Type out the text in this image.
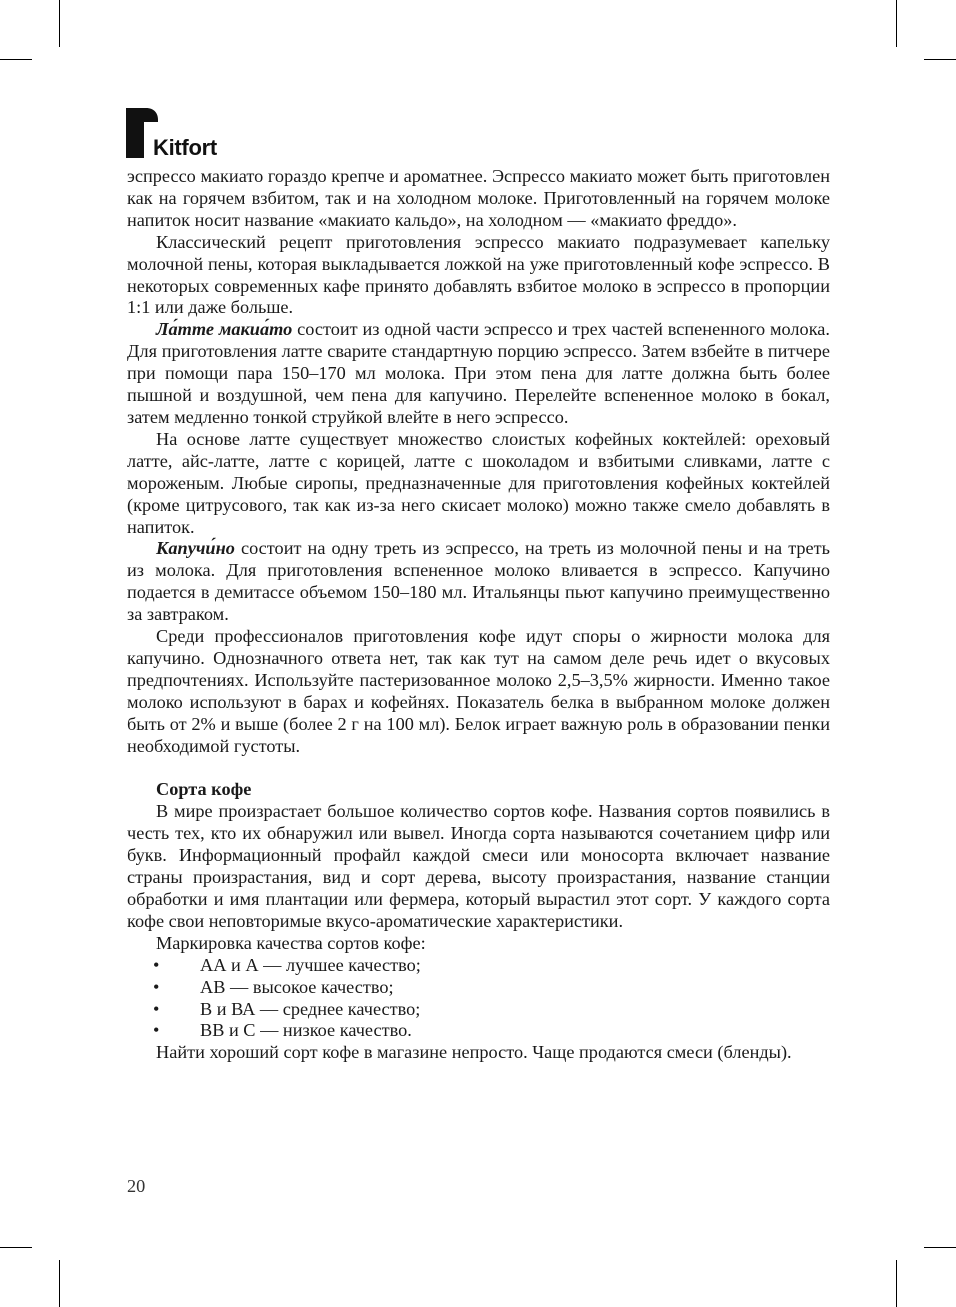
Kitfort

эспрессо макиато гораздо крепче и ароматнее. Эспрессо макиато может быть приготовлен как на горячем взбитом, так и на холодном молоке. Приготовленный на горячем молоке напиток носит название «макиато кальдо», на холодном — «макиато фреддо».

Классический рецепт приготовления эспрессо макиато подразумевает капельку молочной пены, которая выкладывается ложкой на уже приготовленный кофе эспрессо. В некоторых современных кафе принято добавлять взбитое молоко в эспрессо в пропорции 1:1 или даже больше.

Ла́тте макиа́то состоит из одной части эспрессо и трех частей вспененного молока. Для приготовления латте сварите стандартную порцию эспрессо. Затем взбейте в питчере при помощи пара 150–170 мл молока. При этом пена для латте должна быть более пышной и воздушной, чем пена для капучино. Перелейте вспененное молоко в бокал, затем медленно тонкой струйкой влейте в него эспрессо.

На основе латте существует множество слоистых кофейных коктейлей: ореховый латте, айс-латте, латте с корицей, латте с шоколадом и взбитыми сливками, латте с мороженым. Любые сиропы, предназначенные для приготовления кофейных коктейлей (кроме цитрусового, так как из-за него скисает молоко) можно также смело добавлять в напиток.

Капучи́но состоит на одну треть из эспрессо, на треть из молочной пены и на треть из молока. Для приготовления вспененное молоко вливается в эспрессо. Капучино подается в демитассе объемом 150–180 мл. Итальянцы пьют капучино преимущественно за завтраком.

Среди профессионалов приготовления кофе идут споры о жирности молока для капучино. Однозначного ответа нет, так как тут на самом деле речь идет о вкусовых предпочтениях. Используйте пастеризованное молоко 2,5–3,5% жирности. Именно такое молоко используют в барах и кофейнях. Показатель белка в выбранном молоке должен быть от 2% и выше (более 2 г на 100 мл). Белок играет важную роль в образовании пенки необходимой густоты.

Сорта кофе

В мире произрастает большое количество сортов кофе. Названия сортов появились в честь тех, кто их обнаружил или вывел. Иногда сорта называются сочетанием цифр или букв. Информационный профайл каждой смеси или моносорта включает название страны произрастания, вид и сорт дерева, высоту произрастания, название станции обработки и имя плантации или фермера, который вырастил этот сорт. У каждого сорта кофе свои неповторимые вкусо-ароматические характеристики.

Маркировка качества сортов кофе:

• АА и А — лучшее качество;
• АВ — высокое качество;
• В и ВА — среднее качество;
• ВВ и С — низкое качество.

Найти хороший сорт кофе в магазине непросто. Чаще продаются смеси (бленды).

20
